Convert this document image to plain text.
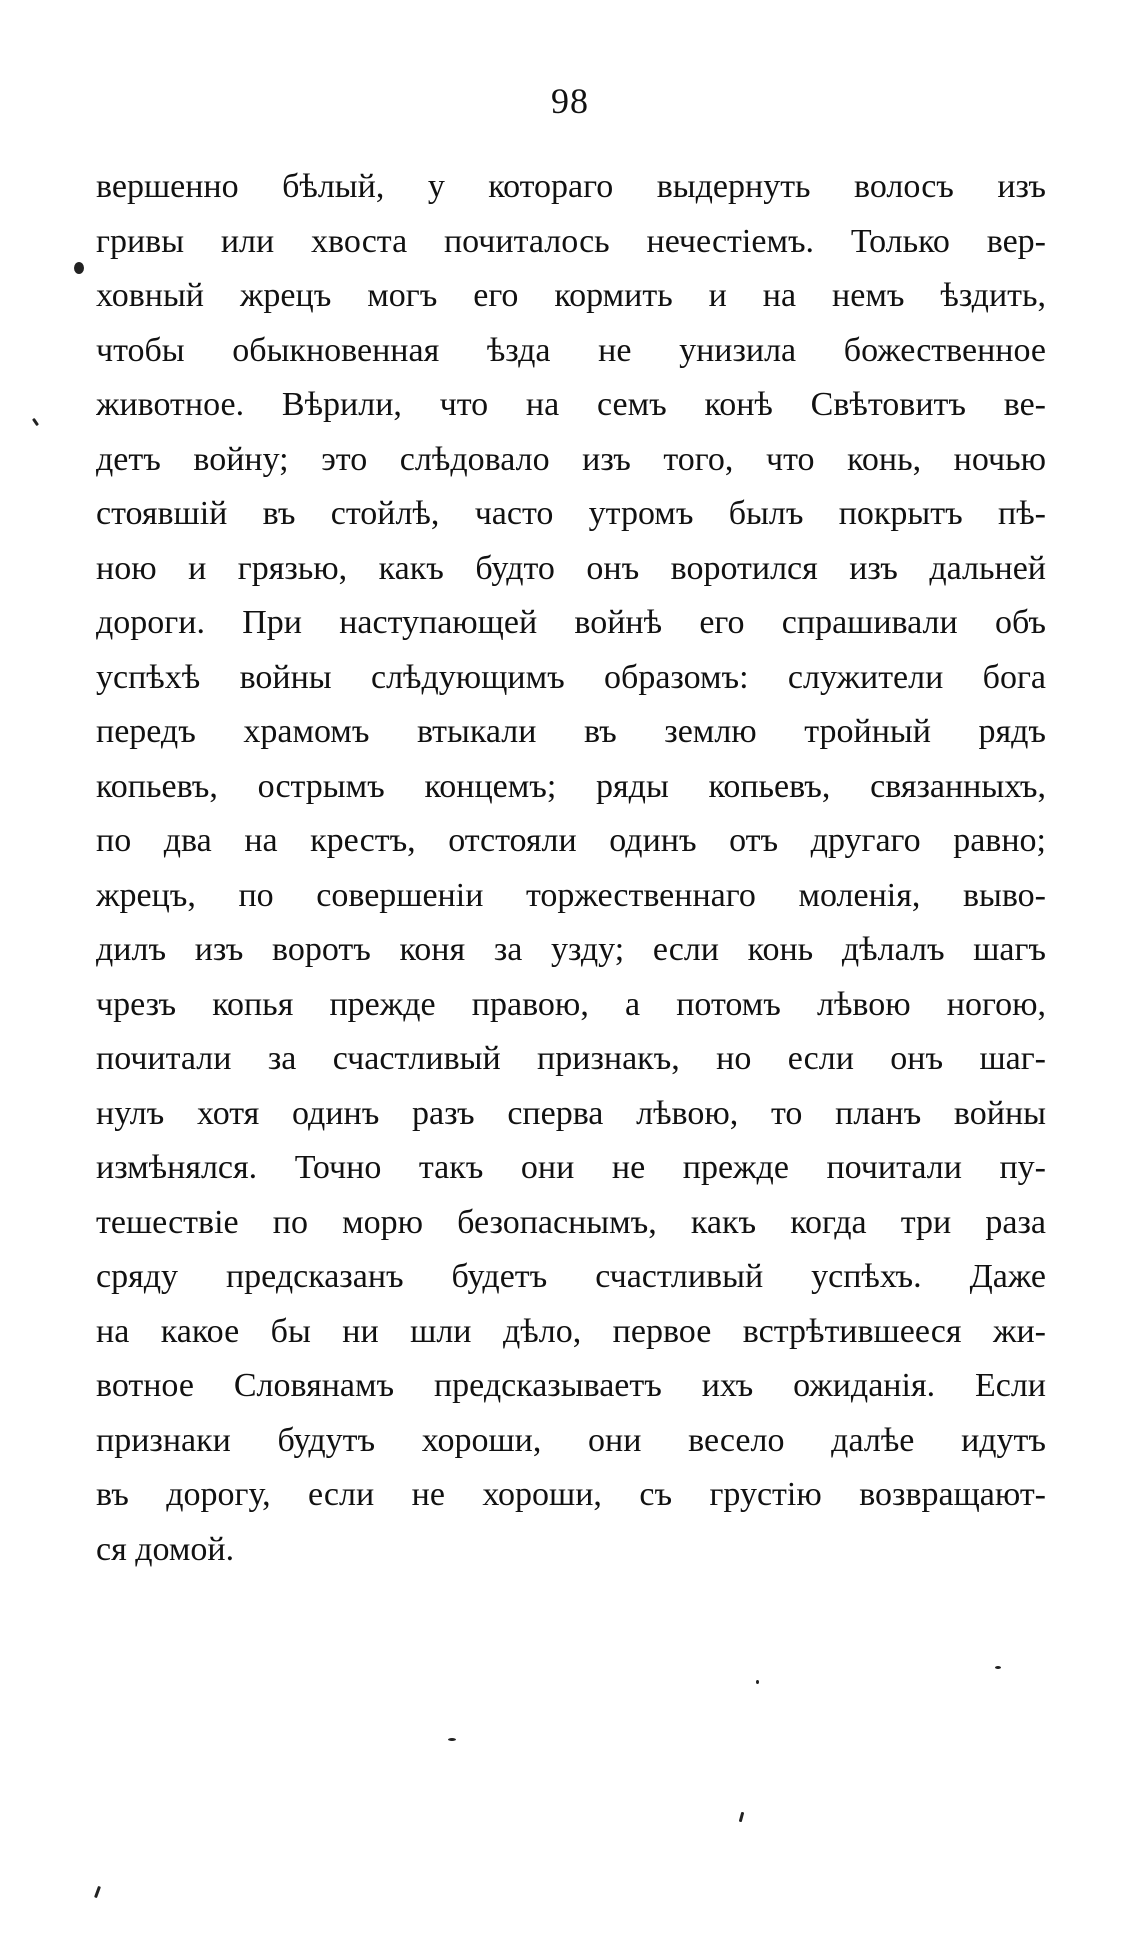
98
вершенно бѣлый, у котораго выдернуть волосъ изъ
гривы или хвоста почиталось нечестіемъ. Только вер-
ховный жрецъ могъ его кормить и на немъ ѣздить,
чтобы обыкновенная ѣзда не унизила божественное
животное. Вѣрили, что на семъ конѣ Свѣтовитъ ве-
детъ войну; это слѣдовало изъ того, что конь, ночью
стоявшій въ стойлѣ, часто утромъ былъ покрытъ пѣ-
ною и грязью, какъ будто онъ воротился изъ дальней
дороги. При наступающей войнѣ его спрашивали объ
успѣхѣ войны слѣдующимъ образомъ: служители бога
передъ храмомъ втыкали въ землю тройный рядъ
копьевъ, острымъ концемъ; ряды копьевъ, связанныхъ,
по два на крестъ, отстояли одинъ отъ другаго равно;
жрецъ, по совершеніи торжественнаго моленія, выво-
дилъ изъ воротъ коня за узду; если конь дѣлалъ шагъ
чрезъ копья прежде правою, а потомъ лѣвою ногою,
почитали за счастливый признакъ, но если онъ шаг-
нулъ хотя одинъ разъ сперва лѣвою, то планъ войны
измѣнялся. Точно такъ они не прежде почитали пу-
тешествіе по морю безопаснымъ, какъ когда три раза
сряду предсказанъ будетъ счастливый успѣхъ. Даже
на какое бы ни шли дѣло, первое встрѣтившееся жи-
вотное Словянамъ предсказываетъ ихъ ожиданія. Если
признаки будутъ хороши, они весело далѣе идутъ
въ дорогу, если не хороши, съ грустію возвращают-
ся домой.
